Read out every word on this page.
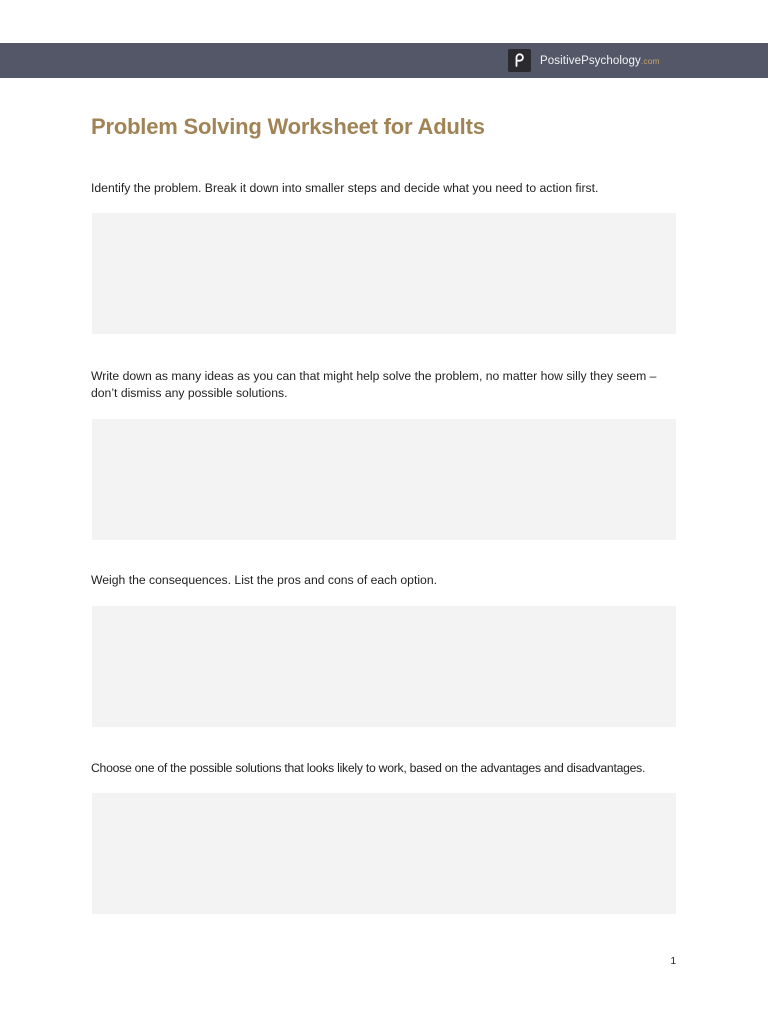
PositivePsychology.com
Problem Solving Worksheet for Adults

Identify the problem. Break it down into smaller steps and decide what you need to action first.

Write down as many ideas as you can that might help solve the problem, no matter how silly they seem – don’t dismiss any possible solutions.

Weigh the consequences. List the pros and cons of each option.

Choose one of the possible solutions that looks likely to work, based on the advantages and disadvantages.

1
